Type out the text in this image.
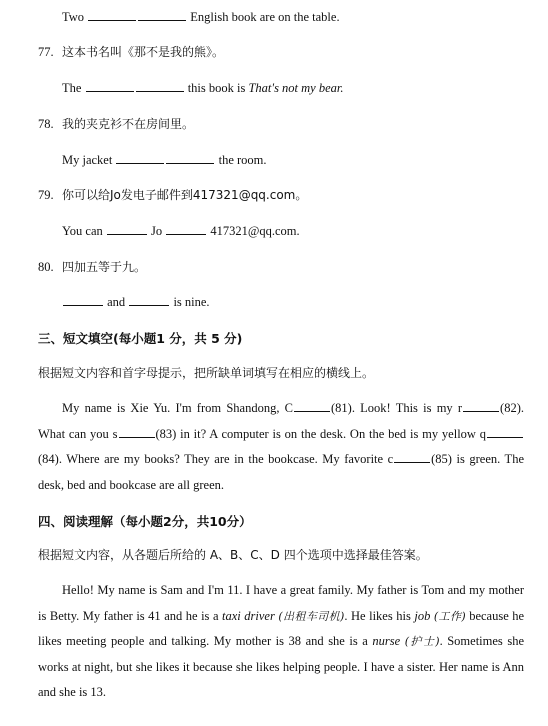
Two	English book are on the table.
77. 这本书名叫《那不是我的熊》。
The	this book is That's not my bear.
78. 我的夹克衫不在房间里。
My jacket	the room.
79. 你可以给Jo发电子邮件到417321@qq.com。
You can	Jo	417321@qq.com.
80. 四加五等于九。
and	is nine.
三、短文填空(每小题1 分，共 5 分)
根据短文内容和首字母提示，把所缺单词填写在相应的横线上。
My name is Xie Yu. I'm from Shandong, C	(81). Look! This is my r	(82). What can you s	(83) in it? A computer is on the desk. On the bed is my yellow q(84). Where are my books? They are in the bookcase. My favorite c	(85) is green. The desk, bed and bookcase are all green.
四、阅读理解（每小题2分，共10分）
根据短文内容，从各题后所给的 A、B、C、D 四个选项中选择最佳答案。
Hello! My name is Sam and I'm 11. I have a great family. My father is Tom and my mother is Betty. My father is 41 and he is a taxi driver (出租车司机). He likes his job (工作) because he likes meeting people and talking. My mother is 38 and she is a nurse (护士). Sometimes she works at night, but she likes it because she likes helping people. I have a sister. Her name is Ann and she is 13.
